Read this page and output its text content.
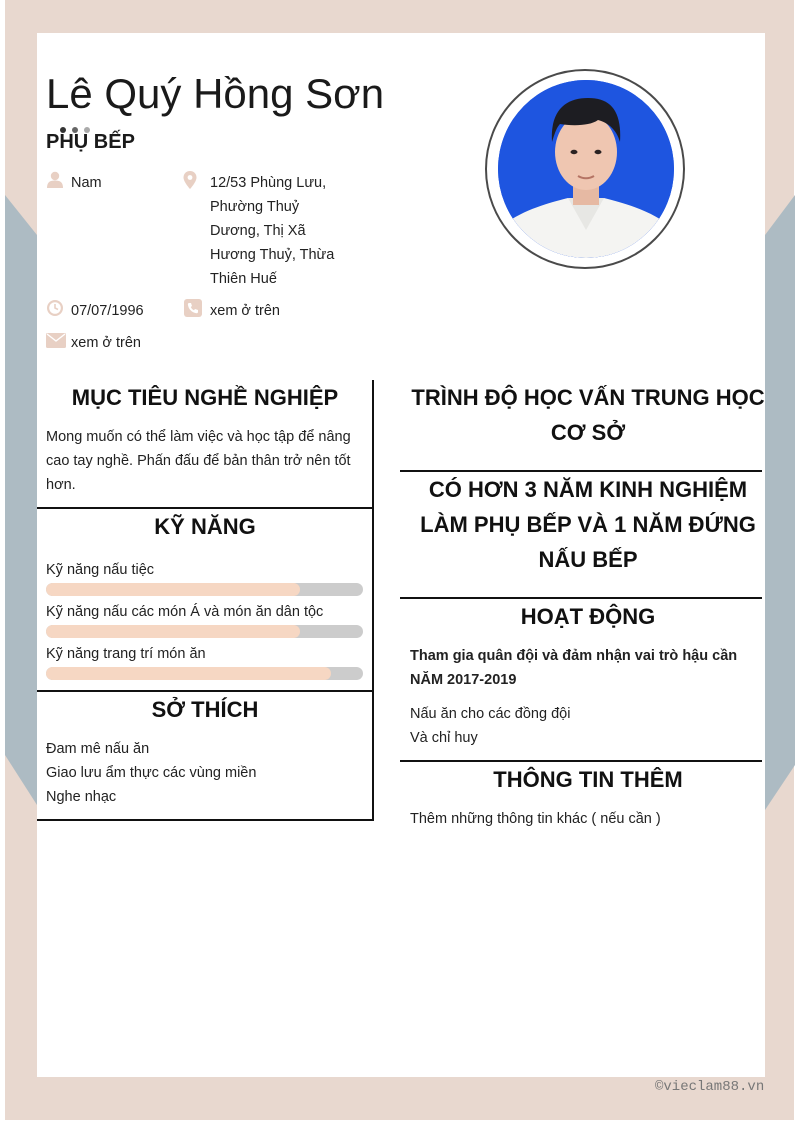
Lê Quý Hồng Sơn
PHỤ BẾP
Nam	12/53 Phùng Lưu,
Phường Thuỷ
Dương, Thị Xã
Hương Thuỷ, Thừa
Thiên Huế
07/07/1996	xem ở trên
xem ở trên
MỤC TIÊU NGHỀ NGHIỆP
Mong muốn có thể làm việc và học tập để nâng
cao tay nghề. Phấn đấu để bản thân trở nên tốt
hơn.
KỸ NĂNG
Kỹ năng nấu tiệc
Kỹ năng nấu các món Á và món ăn dân tộc
Kỹ năng trang trí món ăn
SỞ THÍCH
Đam mê nấu ăn
Giao lưu ẩm thực các vùng miền
Nghe nhạc
TRÌNH ĐỘ HỌC VẤN TRUNG HỌC
CƠ SỞ
CÓ HƠN 3 NĂM KINH NGHIỆM
LÀM PHỤ BẾP VÀ 1 NĂM ĐỨNG
NẤU BẾP
HOẠT ĐỘNG
Tham gia quân đội và đảm nhận vai trò hậu cần
NĂM 2017-2019
Nấu ăn cho các đồng đội
Và chỉ huy
THÔNG TIN THÊM
Thêm những thông tin khác ( nếu cần )
©vieclam88.vn
